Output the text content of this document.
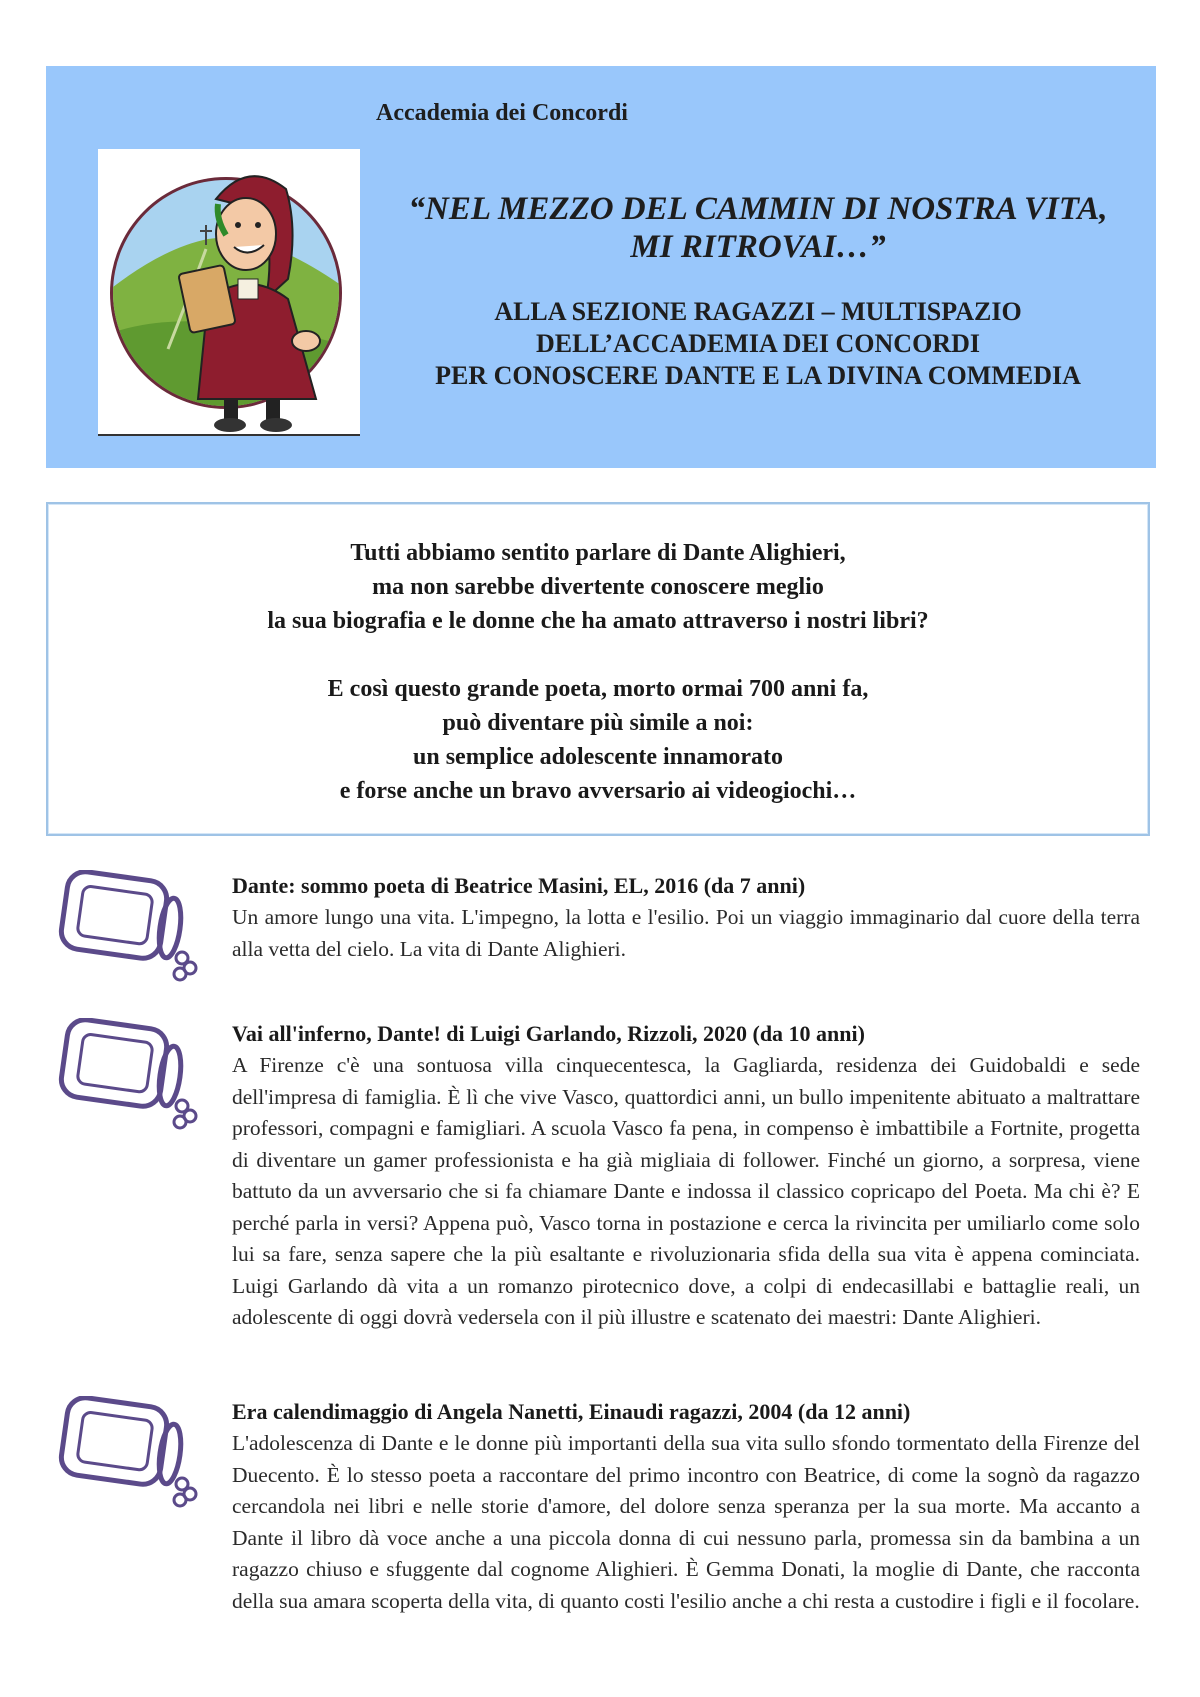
Accademia dei Concordi
“NEL MEZZO DEL CAMMIN DI NOSTRA VITA,
MI RITROVAI…”
ALLA SEZIONE RAGAZZI – MULTISPAZIO
DELL’ACCADEMIA DEI CONCORDI
PER CONOSCERE DANTE E LA DIVINA COMMEDIA
Tutti abbiamo sentito parlare di Dante Alighieri,
ma non sarebbe divertente conoscere meglio
la sua biografia e le donne che ha amato attraverso i nostri libri?
E così questo grande poeta, morto ormai 700 anni fa,
può diventare più simile a noi:
un semplice adolescente innamorato
e forse anche un bravo avversario ai videogiochi…
Dante: sommo poeta di Beatrice Masini, EL, 2016 (da 7 anni)
Un amore lungo una vita. L'impegno, la lotta e l'esilio. Poi un viaggio immaginario dal cuore della terra alla vetta del cielo. La vita di Dante Alighieri.
Vai all'inferno, Dante! di Luigi Garlando, Rizzoli, 2020 (da 10 anni)
A Firenze c'è una sontuosa villa cinquecentesca, la Gagliarda, residenza dei Guidobaldi e sede dell'impresa di famiglia. È lì che vive Vasco, quattordici anni, un bullo impenitente abituato a maltrattare professori, compagni e famigliari. A scuola Vasco fa pena, in compenso è imbattibile a Fortnite, progetta di diventare un gamer professionista e ha già migliaia di follower. Finché un giorno, a sorpresa, viene battuto da un avversario che si fa chiamare Dante e indossa il classico copricapo del Poeta. Ma chi è? E perché parla in versi? Appena può, Vasco torna in postazione e cerca la rivincita per umiliarlo come solo lui sa fare, senza sapere che la più esaltante e rivoluzionaria sfida della sua vita è appena cominciata. Luigi Garlando dà vita a un romanzo pirotecnico dove, a colpi di endecasillabi e battaglie reali, un adolescente di oggi dovrà vedersela con il più illustre e scatenato dei maestri: Dante Alighieri.
Era calendimaggio di Angela Nanetti, Einaudi ragazzi, 2004 (da 12 anni)
L'adolescenza di Dante e le donne più importanti della sua vita sullo sfondo tormentato della Firenze del Duecento. È lo stesso poeta a raccontare del primo incontro con Beatrice, di come la sognò da ragazzo cercandola nei libri e nelle storie d'amore, del dolore senza speranza per la sua morte. Ma accanto a Dante il libro dà voce anche a una piccola donna di cui nessuno parla, promessa sin da bambina a un ragazzo chiuso e sfuggente dal cognome Alighieri. È Gemma Donati, la moglie di Dante, che racconta della sua amara scoperta della vita, di quanto costi l'esilio anche a chi resta a custodire i figli e il focolare.
